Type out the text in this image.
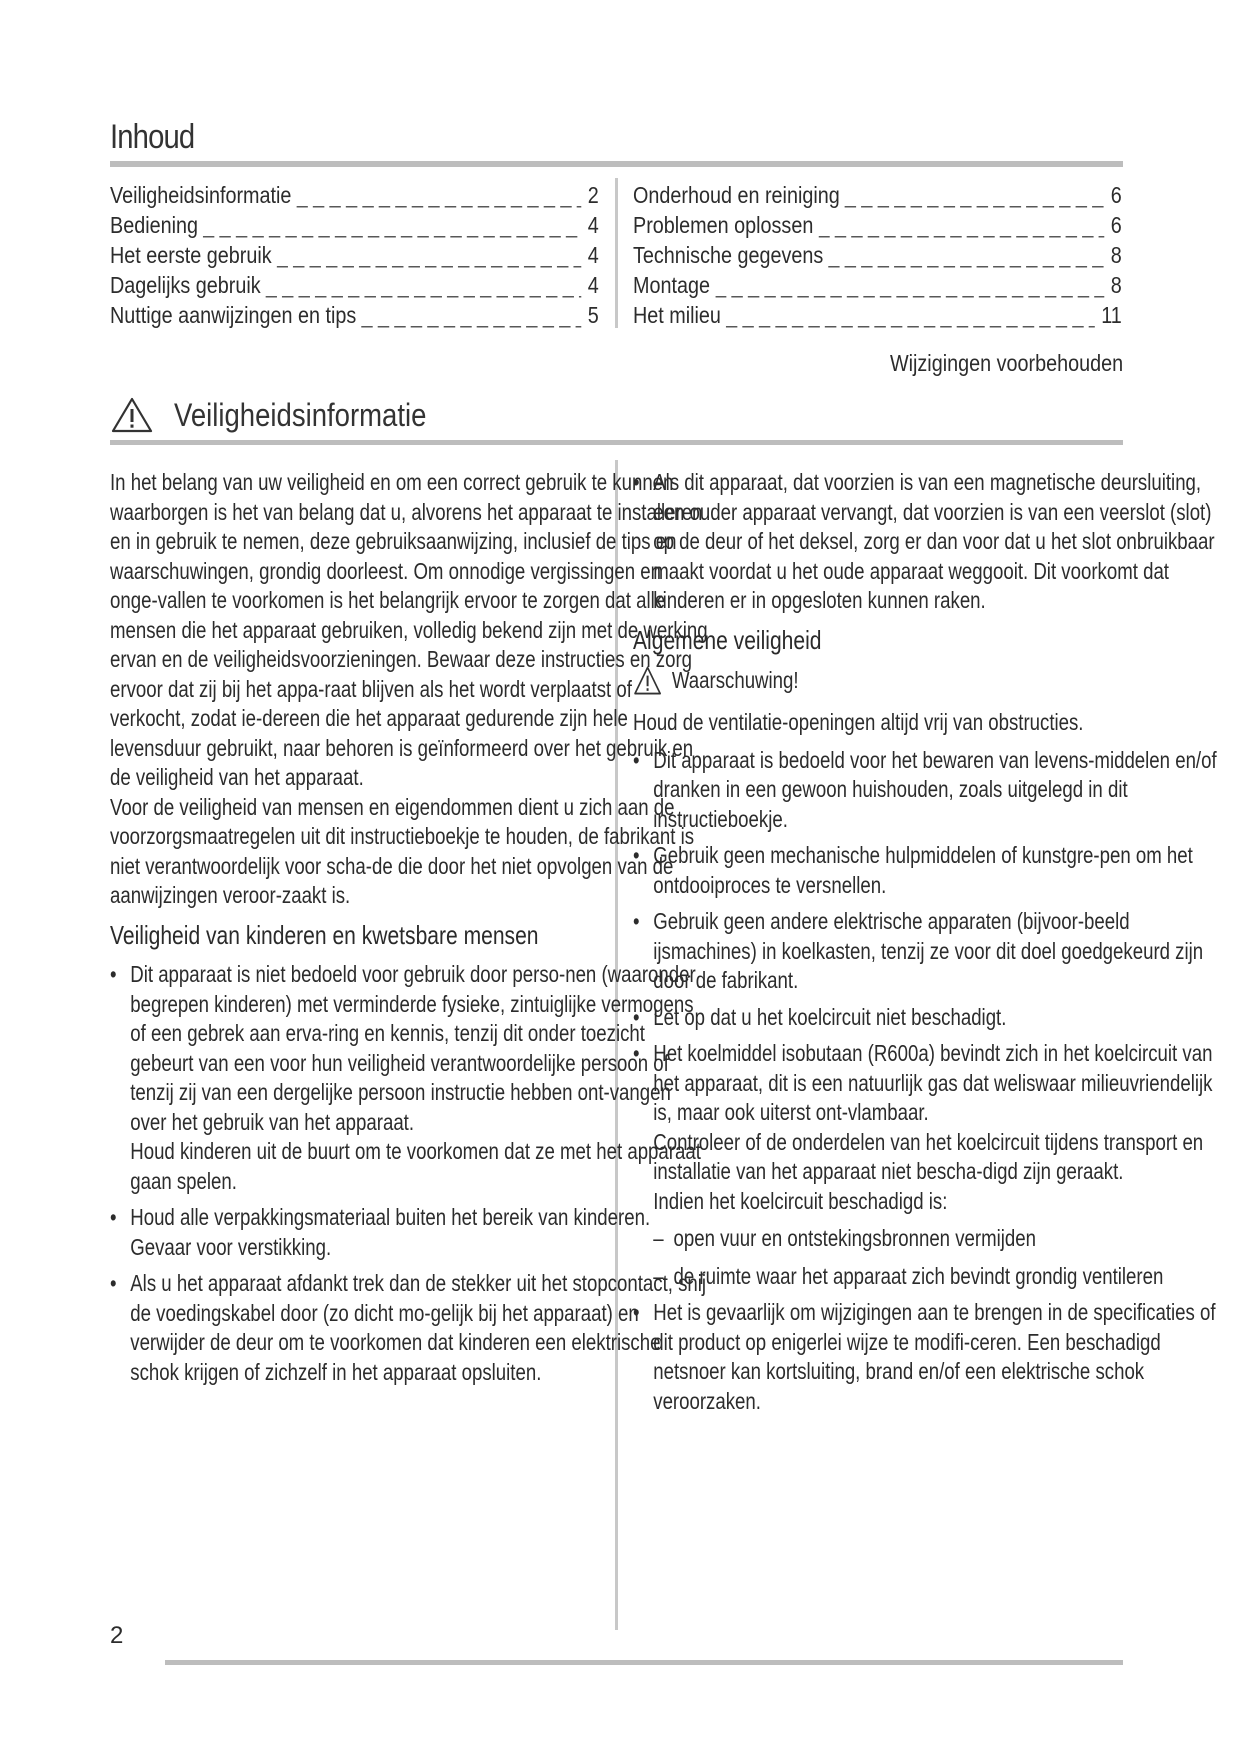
Inhoud
Veiligheidsinformatie _ _ _	2
Bediening _ _ _	4
Het eerste gebruik _ _ _	4
Dagelijks gebruik _ _ _	4
Nuttige aanwijzingen en tips _ _ _	5
Onderhoud en reiniging _ _ _	6
Problemen oplossen _ _ _	6
Technische gegevens _ _ _	8
Montage _ _ _	8
Het milieu _ _ _	11
Wijzigingen voorbehouden
Veiligheidsinformatie

In het belang van uw veiligheid en om een correct gebruik te kunnen waarborgen is het van belang dat u, alvorens het apparaat te installeren en in gebruik te nemen, deze gebruiksaanwijzing, inclusief de tips en waarschuwingen, grondig doorleest. Om onnodige vergissingen en onge-vallen te voorkomen is het belangrijk ervoor te zorgen dat alle mensen die het apparaat gebruiken, volledig bekend zijn met de werking ervan en de veiligheidsvoorzieningen. Bewaar deze instructies en zorg ervoor dat zij bij het appa-raat blijven als het wordt verplaatst of verkocht, zodat ie-dereen die het apparaat gedurende zijn hele levensduur gebruikt, naar behoren is geïnformeerd over het gebruik en de veiligheid van het apparaat.

Voor de veiligheid van mensen en eigendommen dient u zich aan de voorzorgsmaatregelen uit dit instructieboekje te houden, de fabrikant is niet verantwoordelijk voor scha-de die door het niet opvolgen van de aanwijzingen veroor-zaakt is.

Veiligheid van kinderen en kwetsbare mensen

• Dit apparaat is niet bedoeld voor gebruik door perso-nen (waaronder begrepen kinderen) met verminderde fysieke, zintuiglijke vermogens of een gebrek aan erva-ring en kennis, tenzij dit onder toezicht gebeurt van een voor hun veiligheid verantwoordelijke persoon of tenzij zij van een dergelijke persoon instructie hebben ont-vangen over het gebruik van het apparaat.

Houd kinderen uit de buurt om te voorkomen dat ze met het apparaat gaan spelen.

• Houd alle verpakkingsmateriaal buiten het bereik van kinderen. Gevaar voor verstikking.

• Als u het apparaat afdankt trek dan de stekker uit het stopcontact, snij de voedingskabel door (zo dicht mo-gelijk bij het apparaat) en verwijder de deur om te voorkomen dat kinderen een elektrische schok krijgen of zichzelf in het apparaat opsluiten.

• Als dit apparaat, dat voorzien is van een magnetische deursluiting, een ouder apparaat vervangt, dat voorzien is van een veerslot (slot) op de deur of het deksel, zorg er dan voor dat u het slot onbruikbaar maakt voordat u het oude apparaat weggooit. Dit voorkomt dat kinderen er in opgesloten kunnen raken.

Algemene veiligheid
Waarschuwing!

Houd de ventilatie-openingen altijd vrij van obstructies.

• Dit apparaat is bedoeld voor het bewaren van levens-middelen en/of dranken in een gewoon huishouden, zoals uitgelegd in dit instructieboekje.

• Gebruik geen mechanische hulpmiddelen of kunstgre-pen om het ontdooiproces te versnellen.

• Gebruik geen andere elektrische apparaten (bijvoor-beeld ijsmachines) in koelkasten, tenzij ze voor dit doel goedgekeurd zijn door de fabrikant.

• Let op dat u het koelcircuit niet beschadigt.

• Het koelmiddel isobutaan (R600a) bevindt zich in het koelcircuit van het apparaat, dit is een natuurlijk gas dat weliswaar milieuvriendelijk is, maar ook uiterst ont-vlambaar.

Controleer of de onderdelen van het koelcircuit tijdens transport en installatie van het apparaat niet bescha-digd zijn geraakt.

Indien het koelcircuit beschadigd is:

– open vuur en ontstekingsbronnen vermijden
– de ruimte waar het apparaat zich bevindt grondig ventileren

• Het is gevaarlijk om wijzigingen aan te brengen in de specificaties of dit product op enigerlei wijze te modifi-ceren. Een beschadigd netsnoer kan kortsluiting, brand en/of een elektrische schok veroorzaken.

2
